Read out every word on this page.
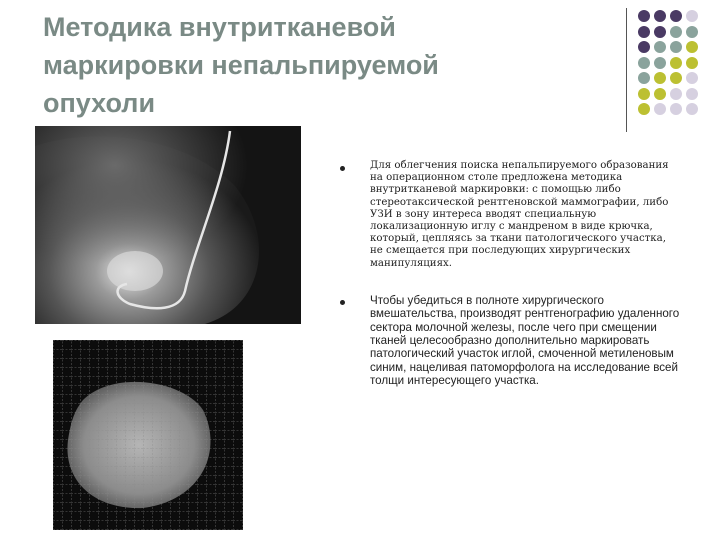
Методика внутритканевой
маркировки непальпируемой
опухоли
Для облегчения поиска непальпируемого образования на операционном столе предложена методика внутритканевой маркировки: с помощью либо стереотаксической рентгеновской маммографии, либо УЗИ в зону интереса вводят специальную локализационную иглу с мандреном в виде крючка, который, цепляясь за ткани патологического участка, не смещается при последующих хирургических манипуляциях.
Чтобы убедиться в полноте хирургического вмешательства, производят рентгенографию удаленного сектора молочной железы, после чего при смещении тканей целесообразно дополнительно маркировать патологический участок иглой, смоченной метиленовым синим, нацеливая патоморфолога на исследование всей толщи интересующего участка.
